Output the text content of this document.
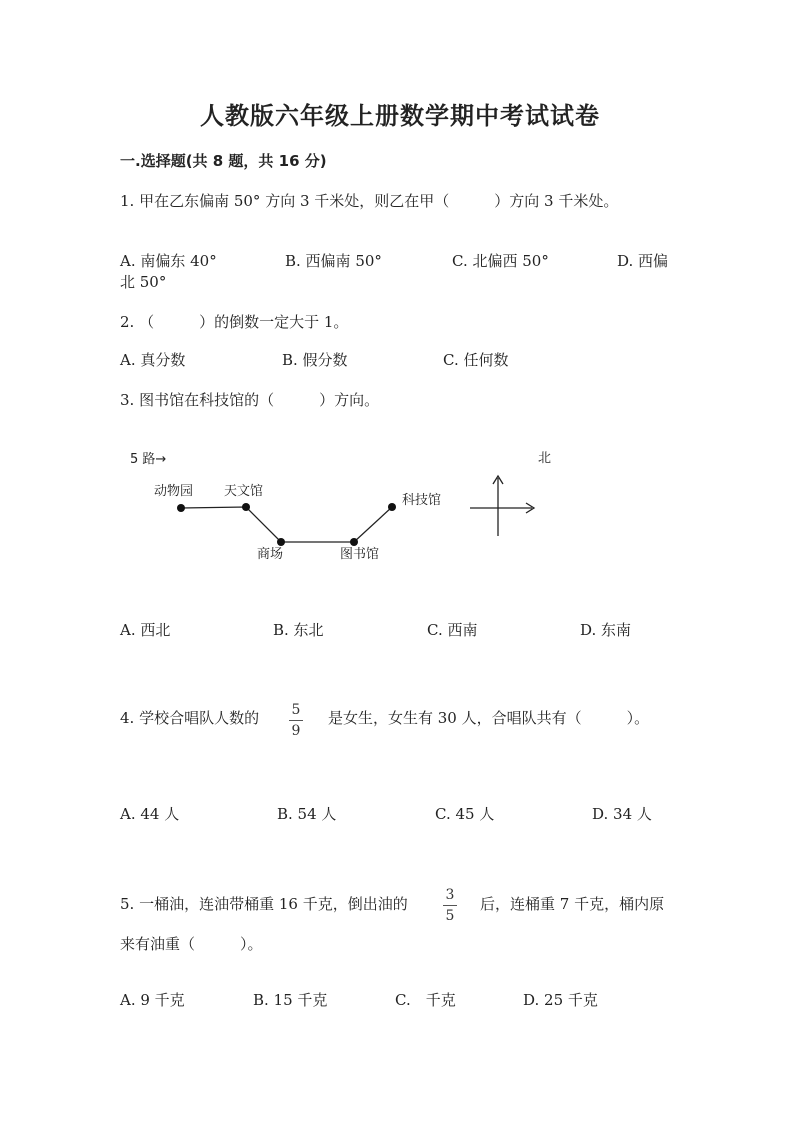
人教版六年级上册数学期中考试试卷
一.选择题(共 8 题，共 16 分)
1. 甲在乙东偏南 50° 方向 3 千米处，则乙在甲（　　　）方向 3 千米处。
A. 南偏东 40°	B. 西偏南 50°	C. 北偏西 50°	D. 西偏
北 50°
2. （　　　）的倒数一定大于 1。
A. 真分数	B. 假分数	C. 任何数
3. 图书馆在科技馆的（　　　）方向。
5 路→	北
动物园 天文馆
商场	图书馆
科技馆
A. 西北	B. 东北	C. 西南	D. 东南
4. 学校合唱队人数的	5
9
是女生，女生有 30 人，合唱队共有（　　　）。
A. 44 人	B. 54 人	C. 45 人	D. 34 人
5. 一桶油，连油带桶重 16 千克，倒出油的	3
5
后，连桶重 7 千克，桶内原
来有油重（　　　）。
A. 9 千克	B. 15 千克	C.　千克	D. 25 千克
